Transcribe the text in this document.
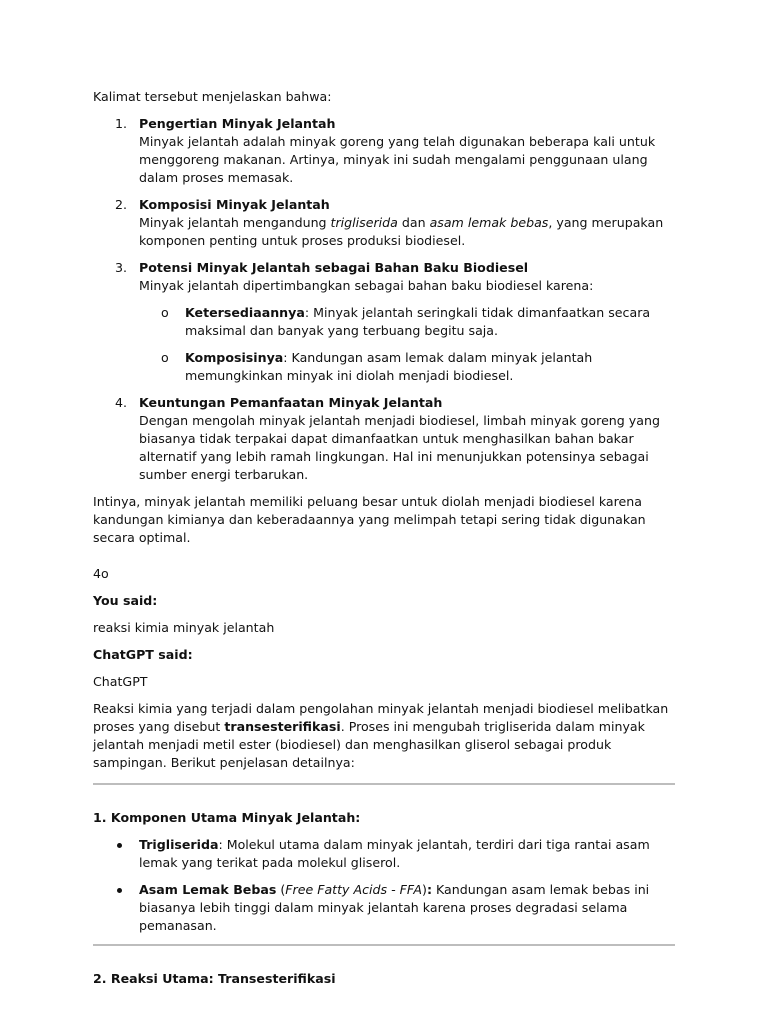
Kalimat tersebut menjelaskan bahwa:

1. Pengertian Minyak Jelantah
Minyak jelantah adalah minyak goreng yang telah digunakan beberapa kali untuk menggoreng makanan. Artinya, minyak ini sudah mengalami penggunaan ulang dalam proses memasak.
2. Komposisi Minyak Jelantah
Minyak jelantah mengandung trigliserida dan asam lemak bebas, yang merupakan komponen penting untuk proses produksi biodiesel.
3. Potensi Minyak Jelantah sebagai Bahan Baku Biodiesel
Minyak jelantah dipertimbangkan sebagai bahan baku biodiesel karena:
o Ketersediaannya: Minyak jelantah seringkali tidak dimanfaatkan secara maksimal dan banyak yang terbuang begitu saja.
o Komposisinya: Kandungan asam lemak dalam minyak jelantah memungkinkan minyak ini diolah menjadi biodiesel.
4. Keuntungan Pemanfaatan Minyak Jelantah
Dengan mengolah minyak jelantah menjadi biodiesel, limbah minyak goreng yang biasanya tidak terpakai dapat dimanfaatkan untuk menghasilkan bahan bakar alternatif yang lebih ramah lingkungan. Hal ini menunjukkan potensinya sebagai sumber energi terbarukan.

Intinya, minyak jelantah memiliki peluang besar untuk diolah menjadi biodiesel karena kandungan kimianya dan keberadaannya yang melimpah tetapi sering tidak digunakan secara optimal.

4o

You said:

reaksi kimia minyak jelantah

ChatGPT said:

ChatGPT

Reaksi kimia yang terjadi dalam pengolahan minyak jelantah menjadi biodiesel melibatkan proses yang disebut transesterifikasi. Proses ini mengubah trigliserida dalam minyak jelantah menjadi metil ester (biodiesel) dan menghasilkan gliserol sebagai produk sampingan. Berikut penjelasan detailnya:

1. Komponen Utama Minyak Jelantah:

Trigliserida: Molekul utama dalam minyak jelantah, terdiri dari tiga rantai asam lemak yang terikat pada molekul gliserol.
Asam Lemak Bebas (Free Fatty Acids - FFA): Kandungan asam lemak bebas ini biasanya lebih tinggi dalam minyak jelantah karena proses degradasi selama pemanasan.

2. Reaksi Utama: Transesterifikasi
